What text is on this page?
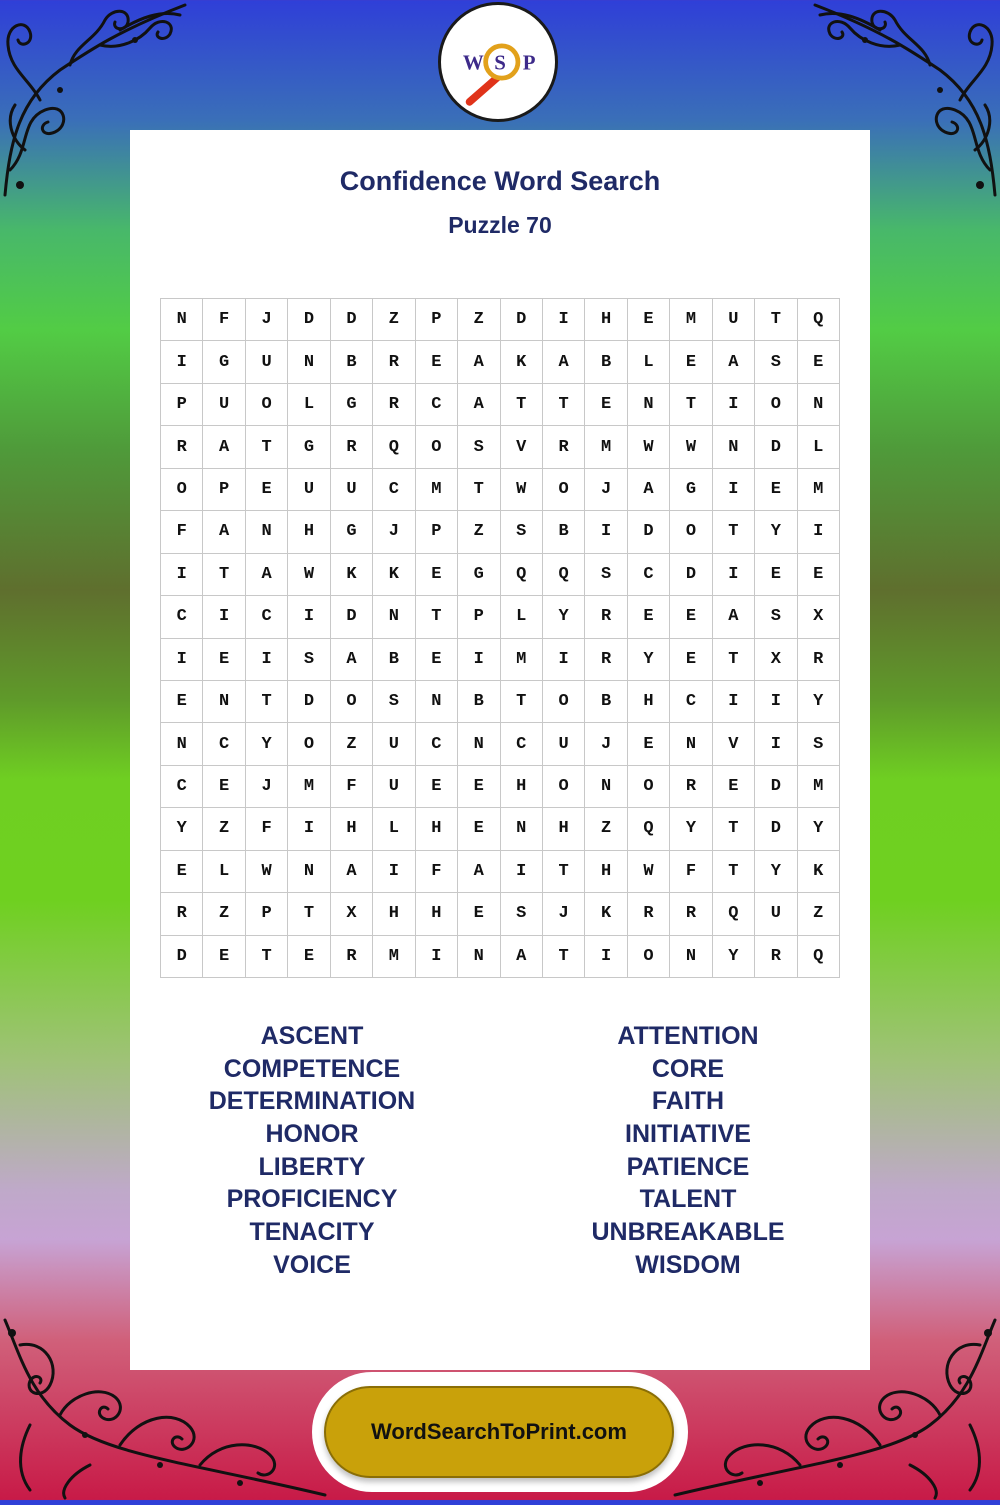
W S P
Confidence Word Search
Puzzle 70
N	F	J	D	D	Z	P	Z	D	I	H	E	M	U	T	Q
I	G	U	N	B	R	E	A	K	A	B	L	E	A	S	E
P	U	O	L	G	R	C	A	T	T	E	N	T	I	O	N
R	A	T	G	R	Q	O	S	V	R	M	W	W	N	D	L
O	P	E	U	U	C	M	T	W	O	J	A	G	I	E	M
F	A	N	H	G	J	P	Z	S	B	I	D	O	T	Y	I
I	T	A	W	K	K	E	G	Q	Q	S	C	D	I	E	E
C	I	C	I	D	N	T	P	L	Y	R	E	E	A	S	X
I	E	I	S	A	B	E	I	M	I	R	Y	E	T	X	R
E	N	T	D	O	S	N	B	T	O	B	H	C	I	I	Y
N	C	Y	O	Z	U	C	N	C	U	J	E	N	V	I	S
C	E	J	M	F	U	E	E	H	O	N	O	R	E	D	M
Y	Z	F	I	H	L	H	E	N	H	Z	Q	Y	T	D	Y
E	L	W	N	A	I	F	A	I	T	H	W	F	T	Y	K
R	Z	P	T	X	H	H	E	S	J	K	R	R	Q	U	Z
D	E	T	E	R	M	I	N	A	T	I	O	N	Y	R	Q
ASCENT
COMPETENCE
DETERMINATION
HONOR
LIBERTY
PROFICIENCY
TENACITY
VOICE
ATTENTION
CORE
FAITH
INITIATIVE
PATIENCE
TALENT
UNBREAKABLE
WISDOM
WordSearchToPrint.com
